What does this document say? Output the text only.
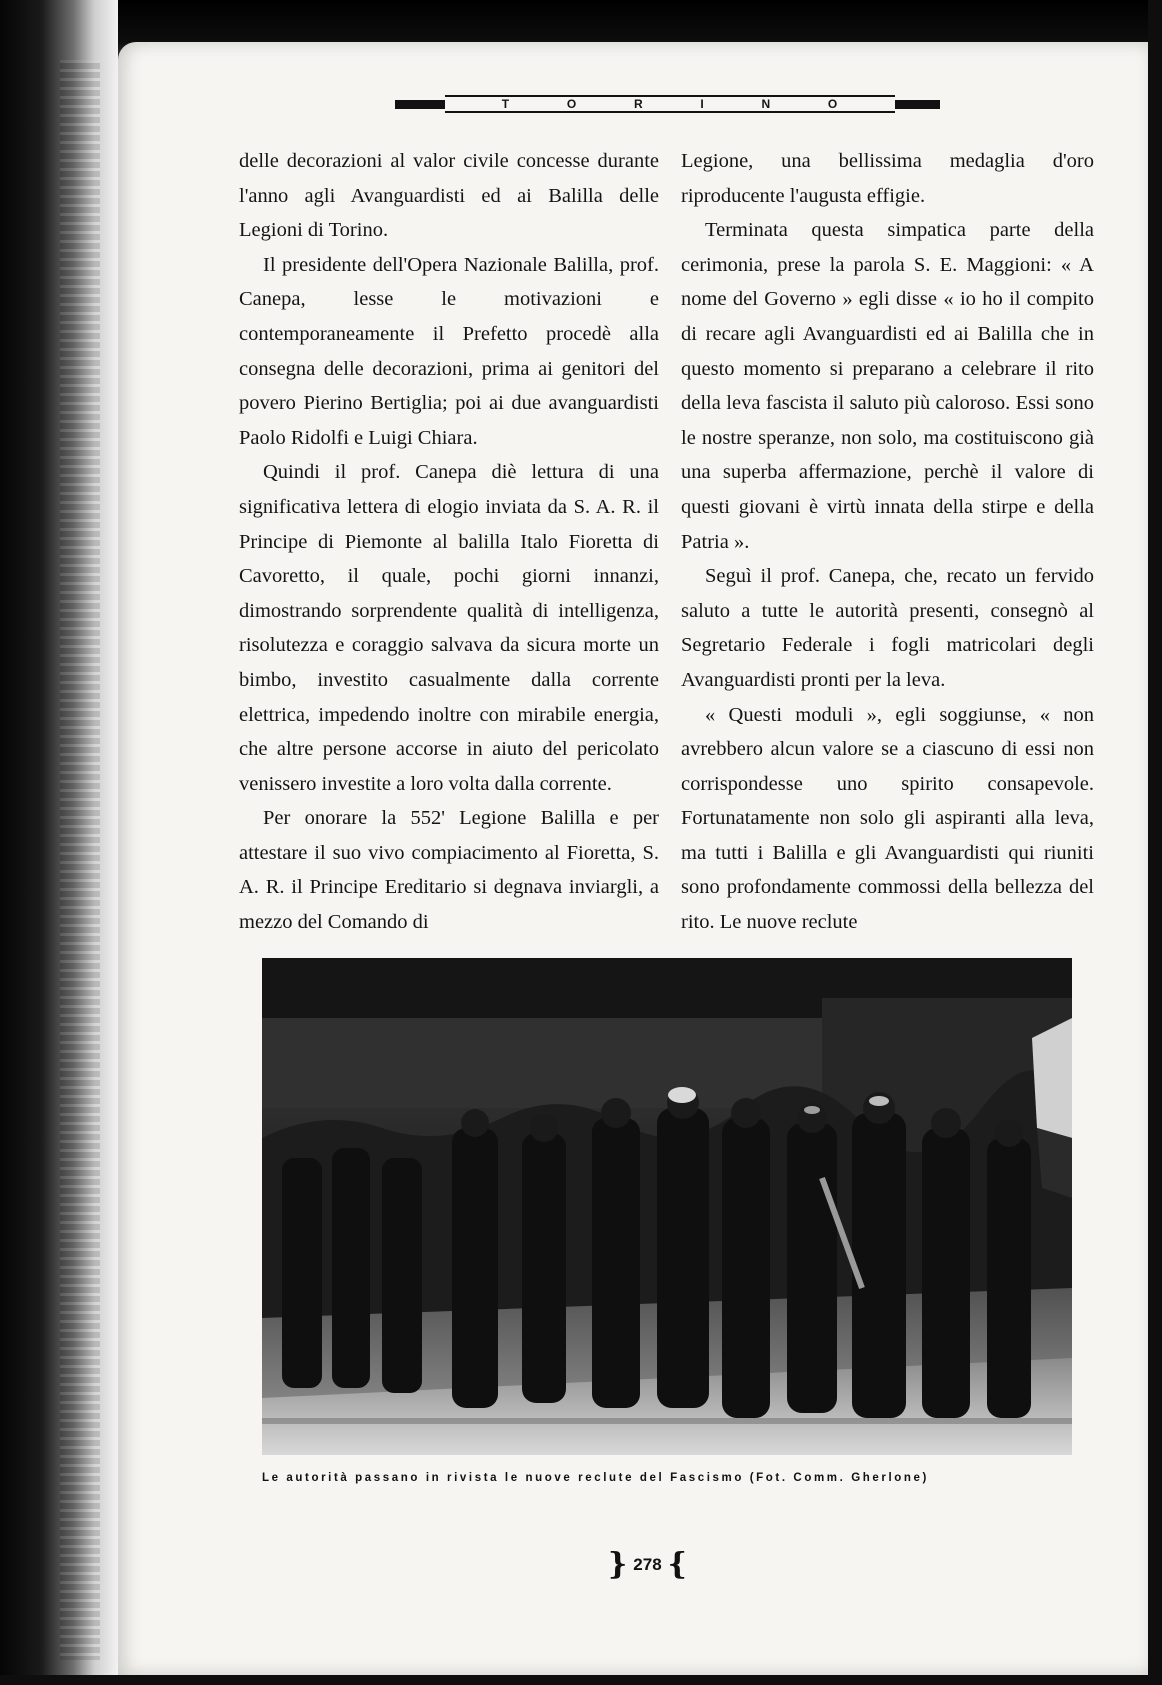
T	O	R	I	N	O

delle decorazioni al valor civile concesse durante l'anno agli Avanguardisti ed ai Balilla delle Legioni di Torino.

Il presidente dell'Opera Nazionale Balilla, prof. Canepa, lesse le motivazioni e contemporaneamente il Prefetto procedè alla consegna delle decorazioni, prima ai genitori del povero Pierino Bertiglia; poi ai due avanguardisti Paolo Ridolfi e Luigi Chiara.

Quindi il prof. Canepa diè lettura di una significativa lettera di elogio inviata da S. A. R. il Principe di Piemonte al balilla Italo Fioretta di Cavoretto, il quale, pochi giorni innanzi, dimostrando sorprendente qualità di intelligenza, risolutezza e coraggio salvava da sicura morte un bimbo, investito casualmente dalla corrente elettrica, impedendo inoltre con mirabile energia, che altre persone accorse in aiuto del pericolato venissero investite a loro volta dalla corrente.

Per onorare la 552' Legione Balilla e per attestare il suo vivo compiacimento al Fioretta, S. A. R. il Principe Ereditario si degnava inviargli, a mezzo del Comando di

Legione, una bellissima medaglia d'oro riproducente l'augusta effigie.

Terminata questa simpatica parte della cerimonia, prese la parola S. E. Maggioni: « A nome del Governo » egli disse « io ho il compito di recare agli Avanguardisti ed ai Balilla che in questo momento si preparano a celebrare il rito della leva fascista il saluto più caloroso. Essi sono le nostre speranze, non solo, ma costituiscono già una superba affermazione, perchè il valore di questi giovani è virtù innata della stirpe e della Patria ».

Seguì il prof. Canepa, che, recato un fervido saluto a tutte le autorità presenti, consegnò al Segretario Federale i fogli matricolari degli Avanguardisti pronti per la leva.

« Questi moduli », egli soggiunse, « non avrebbero alcun valore se a ciascuno di essi non corrispondesse uno spirito consapevole. Fortunatamente non solo gli aspiranti alla leva, ma tutti i Balilla e gli Avanguardisti qui riuniti sono profondamente commossi della bellezza del rito. Le nuove reclute

Le autorità passano in rivista le nuove reclute del Fascismo (Fot. Comm. Gherlone)
} 278 {
